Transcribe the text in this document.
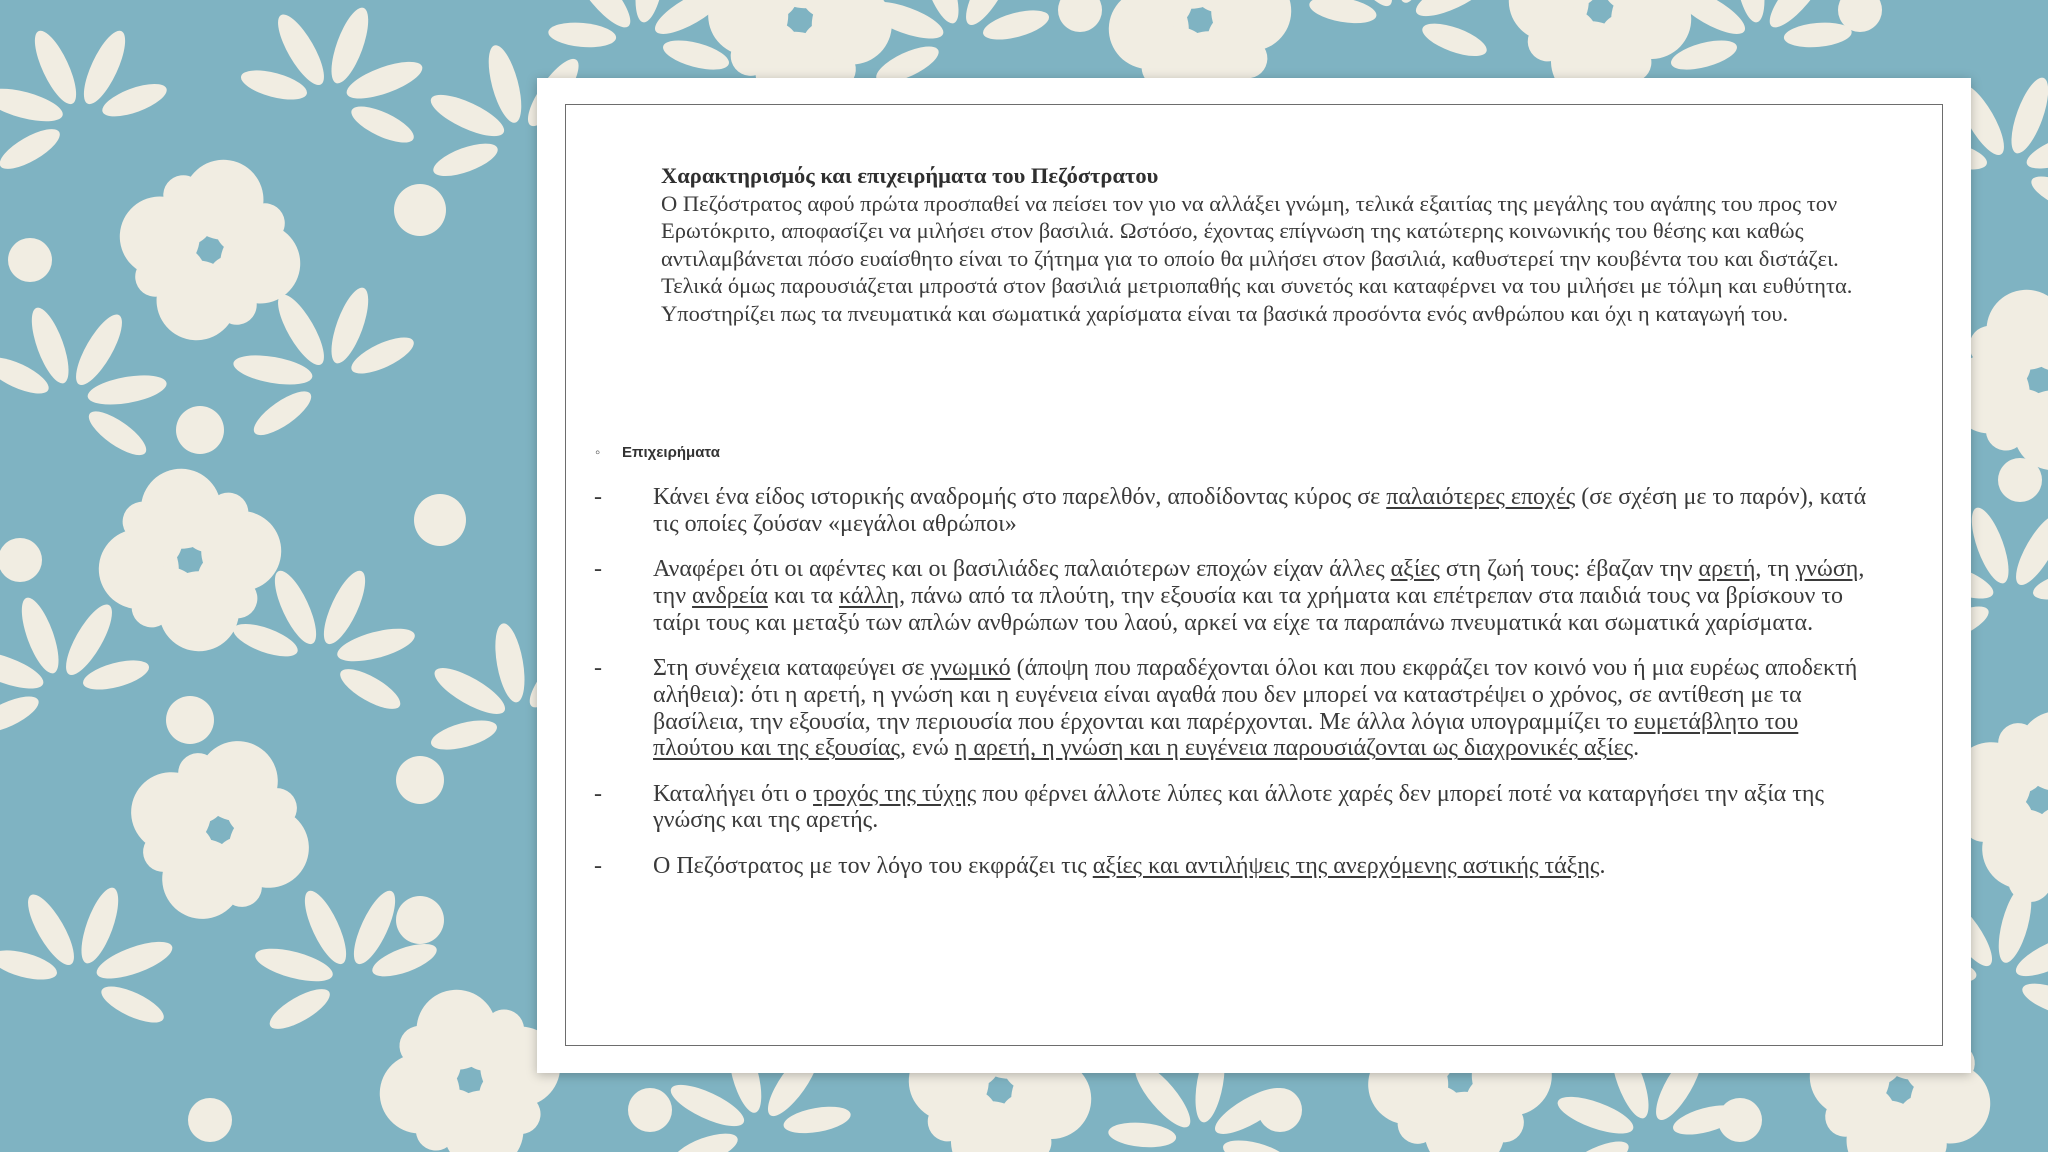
Χαρακτηρισμός και επιχειρήματα του Πεζόστρατου
Ο Πεζόστρατος αφού πρώτα προσπαθεί να πείσει τον γιο να αλλάξει γνώμη, τελικά εξαιτίας της μεγάλης του αγάπης του προς τον Ερωτόκριτο, αποφασίζει να μιλήσει στον βασιλιά. Ωστόσο, έχοντας επίγνωση της κατώτερης κοινωνικής του θέσης και καθώς αντιλαμβάνεται πόσο ευαίσθητο είναι το ζήτημα για το οποίο θα μιλήσει στον βασιλιά, καθυστερεί την κουβέντα του και διστάζει. Τελικά όμως παρουσιάζεται μπροστά στον βασιλιά μετριοπαθής και συνετός και καταφέρνει να του μιλήσει με τόλμη και ευθύτητα. Υποστηρίζει πως τα πνευματικά και σωματικά χαρίσματα είναι τα βασικά προσόντα ενός ανθρώπου και όχι η καταγωγή του.
◦ Επιχειρήματα
- Κάνει ένα είδος ιστορικής αναδρομής στο παρελθόν, αποδίδοντας κύρος σε παλαιότερες εποχές (σε σχέση με το παρόν), κατά τις οποίες ζούσαν «μεγάλοι αθρώποι»
- Αναφέρει ότι οι αφέντες και οι βασιλιάδες παλαιότερων εποχών είχαν άλλες αξίες στη ζωή τους: έβαζαν την αρετή, τη γνώση, την ανδρεία και τα κάλλη, πάνω από τα πλούτη, την εξουσία και τα χρήματα και επέτρεπαν στα παιδιά τους να βρίσκουν το ταίρι τους και μεταξύ των απλών ανθρώπων του λαού, αρκεί να είχε τα παραπάνω πνευματικά και σωματικά χαρίσματα.
- Στη συνέχεια καταφεύγει σε γνωμικό (άποψη που παραδέχονται όλοι και που εκφράζει τον κοινό νου ή μια ευρέως αποδεκτή αλήθεια): ότι η αρετή, η γνώση και η ευγένεια είναι αγαθά που δεν μπορεί να καταστρέψει ο χρόνος, σε αντίθεση με τα βασίλεια, την εξουσία, την περιουσία που έρχονται και παρέρχονται. Με άλλα λόγια υπογραμμίζει το ευμετάβλητο του πλούτου και της εξουσίας, ενώ η αρετή, η γνώση και η ευγένεια παρουσιάζονται ως διαχρονικές αξίες.
- Καταλήγει ότι ο τροχός της τύχης που φέρνει άλλοτε λύπες και άλλοτε χαρές δεν μπορεί ποτέ να καταργήσει την αξία της γνώσης και της αρετής.
- Ο Πεζόστρατος με τον λόγο του εκφράζει τις αξίες και αντιλήψεις της ανερχόμενης αστικής τάξης.
